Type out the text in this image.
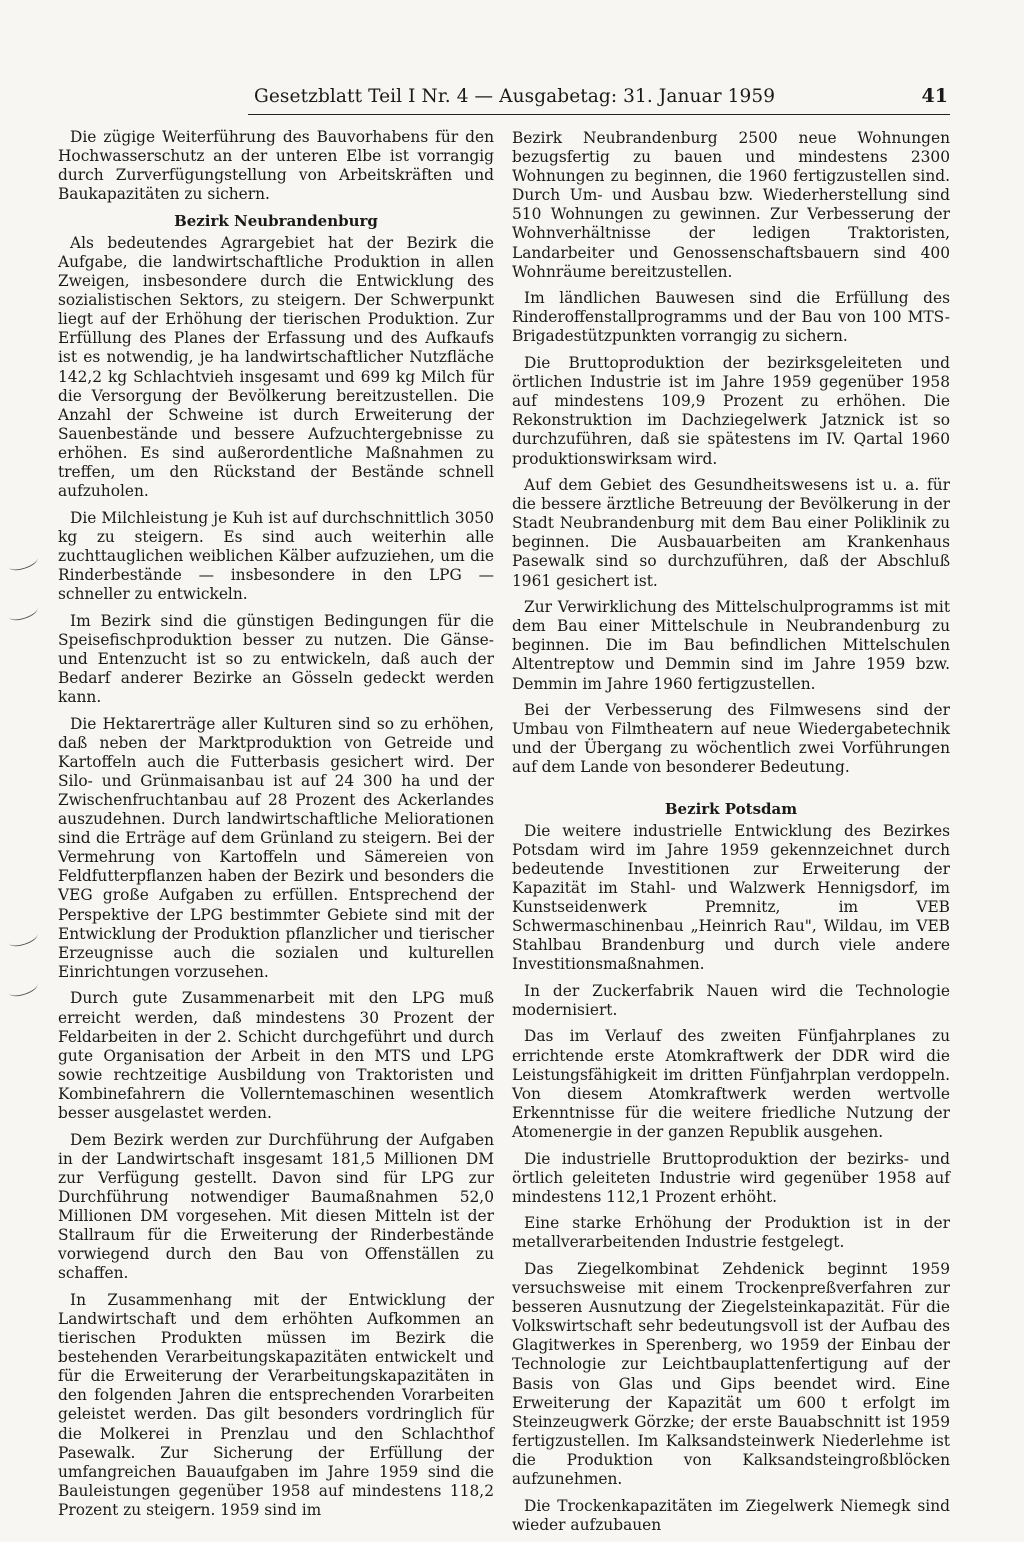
Gesetzblatt Teil I Nr. 4 — Ausgabetag: 31. Januar 1959	41

Die zügige Weiterführung des Bauvorhabens für den Hochwasserschutz an der unteren Elbe ist vorrangig durch Zurverfügungstellung von Arbeitskräften und Baukapazitäten zu sichern.

Bezirk Neubrandenburg

Als bedeutendes Agrargebiet hat der Bezirk die Aufgabe, die landwirtschaftliche Produktion in allen Zweigen, insbesondere durch die Entwicklung des sozialistischen Sektors, zu steigern. Der Schwerpunkt liegt auf der Erhöhung der tierischen Produktion. Zur Erfüllung des Planes der Erfassung und des Aufkaufs ist es notwendig, je ha landwirtschaftlicher Nutzfläche 142,2 kg Schlachtvieh insgesamt und 699 kg Milch für die Versorgung der Bevölkerung bereitzustellen. Die Anzahl der Schweine ist durch Erweiterung der Sauenbestände und bessere Aufzuchtergebnisse zu erhöhen. Es sind außerordentliche Maßnahmen zu treffen, um den Rückstand der Bestände schnell aufzuholen.

Die Milchleistung je Kuh ist auf durchschnittlich 3050 kg zu steigern. Es sind auch weiterhin alle zuchttauglichen weiblichen Kälber aufzuziehen, um die Rinderbestände — insbesondere in den LPG — schneller zu entwickeln.

Im Bezirk sind die günstigen Bedingungen für die Speisefischproduktion besser zu nutzen. Die Gänse- und Entenzucht ist so zu entwickeln, daß auch der Bedarf anderer Bezirke an Gösseln gedeckt werden kann.

Die Hektarerträge aller Kulturen sind so zu erhöhen, daß neben der Marktproduktion von Getreide und Kartoffeln auch die Futterbasis gesichert wird. Der Silo- und Grünmaisanbau ist auf 24 300 ha und der Zwischenfruchtanbau auf 28 Prozent des Ackerlandes auszudehnen. Durch landwirtschaftliche Meliorationen sind die Erträge auf dem Grünland zu steigern. Bei der Vermehrung von Kartoffeln und Sämereien von Feldfutterpflanzen haben der Bezirk und besonders die VEG große Aufgaben zu erfüllen. Entsprechend der Perspektive der LPG bestimmter Gebiete sind mit der Entwicklung der Produktion pflanzlicher und tierischer Erzeugnisse auch die sozialen und kulturellen Einrichtungen vorzusehen.

Durch gute Zusammenarbeit mit den LPG muß erreicht werden, daß mindestens 30 Prozent der Feldarbeiten in der 2. Schicht durchgeführt und durch gute Organisation der Arbeit in den MTS und LPG sowie rechtzeitige Ausbildung von Traktoristen und Kombinefahrern die Vollerntemaschinen wesentlich besser ausgelastet werden.

Dem Bezirk werden zur Durchführung der Aufgaben in der Landwirtschaft insgesamt 181,5 Millionen DM zur Verfügung gestellt. Davon sind für LPG zur Durchführung notwendiger Baumaßnahmen 52,0 Millionen DM vorgesehen. Mit diesen Mitteln ist der Stallraum für die Erweiterung der Rinderbestände vorwiegend durch den Bau von Offenställen zu schaffen.

In Zusammenhang mit der Entwicklung der Landwirtschaft und dem erhöhten Aufkommen an tierischen Produkten müssen im Bezirk die bestehenden Verarbeitungskapazitäten entwickelt und für die Erweiterung der Verarbeitungskapazitäten in den folgenden Jahren die entsprechenden Vorarbeiten geleistet werden. Das gilt besonders vordringlich für die Molkerei in Prenzlau und den Schlachthof Pasewalk. Zur Sicherung der Erfüllung der umfangreichen Bauaufgaben im Jahre 1959 sind die Bauleistungen gegenüber 1958 auf mindestens 118,2 Prozent zu steigern. 1959 sind im

Bezirk Neubrandenburg 2500 neue Wohnungen bezugsfertig zu bauen und mindestens 2300 Wohnungen zu beginnen, die 1960 fertigzustellen sind. Durch Um- und Ausbau bzw. Wiederherstellung sind 510 Wohnungen zu gewinnen. Zur Verbesserung der Wohnverhältnisse der ledigen Traktoristen, Landarbeiter und Genossenschaftsbauern sind 400 Wohnräume bereitzustellen.

Im ländlichen Bauwesen sind die Erfüllung des Rinderoffenstallprogramms und der Bau von 100 MTS-Brigadestützpunkten vorrangig zu sichern.

Die Bruttoproduktion der bezirksgeleiteten und örtlichen Industrie ist im Jahre 1959 gegenüber 1958 auf mindestens 109,9 Prozent zu erhöhen. Die Rekonstruktion im Dachziegelwerk Jatznick ist so durchzuführen, daß sie spätestens im IV. Qartal 1960 produktionswirksam wird.

Auf dem Gebiet des Gesundheitswesens ist u. a. für die bessere ärztliche Betreuung der Bevölkerung in der Stadt Neubrandenburg mit dem Bau einer Poliklinik zu beginnen. Die Ausbauarbeiten am Krankenhaus Pasewalk sind so durchzuführen, daß der Abschluß 1961 gesichert ist.

Zur Verwirklichung des Mittelschulprogramms ist mit dem Bau einer Mittelschule in Neubrandenburg zu beginnen. Die im Bau befindlichen Mittelschulen Altentreptow und Demmin sind im Jahre 1959 bzw. Demmin im Jahre 1960 fertigzustellen.

Bei der Verbesserung des Filmwesens sind der Umbau von Filmtheatern auf neue Wiedergabetechnik und der Übergang zu wöchentlich zwei Vorführungen auf dem Lande von besonderer Bedeutung.

Bezirk Potsdam

Die weitere industrielle Entwicklung des Bezirkes Potsdam wird im Jahre 1959 gekennzeichnet durch bedeutende Investitionen zur Erweiterung der Kapazität im Stahl- und Walzwerk Hennigsdorf, im Kunstseidenwerk Premnitz, im VEB Schwermaschinenbau „Heinrich Rau", Wildau, im VEB Stahlbau Brandenburg und durch viele andere Investitionsmaßnahmen.

In der Zuckerfabrik Nauen wird die Technologie modernisiert.

Das im Verlauf des zweiten Fünfjahrplanes zu errichtende erste Atomkraftwerk der DDR wird die Leistungsfähigkeit im dritten Fünfjahrplan verdoppeln. Von diesem Atomkraftwerk werden wertvolle Erkenntnisse für die weitere friedliche Nutzung der Atomenergie in der ganzen Republik ausgehen.

Die industrielle Bruttoproduktion der bezirks- und örtlich geleiteten Industrie wird gegenüber 1958 auf mindestens 112,1 Prozent erhöht.

Eine starke Erhöhung der Produktion ist in der metallverarbeitenden Industrie festgelegt.

Das Ziegelkombinat Zehdenick beginnt 1959 versuchsweise mit einem Trockenpreßverfahren zur besseren Ausnutzung der Ziegelsteinkapazität. Für die Volkswirtschaft sehr bedeutungsvoll ist der Aufbau des Glagitwerkes in Sperenberg, wo 1959 der Einbau der Technologie zur Leichtbauplattenfertigung auf der Basis von Glas und Gips beendet wird. Eine Erweiterung der Kapazität um 600 t erfolgt im Steinzeugwerk Görzke; der erste Bauabschnitt ist 1959 fertigzustellen. Im Kalksandsteinwerk Niederlehme ist die Produktion von Kalksandsteingroßblöcken aufzunehmen.

Die Trockenkapazitäten im Ziegelwerk Niemegk sind wieder aufzubauen
